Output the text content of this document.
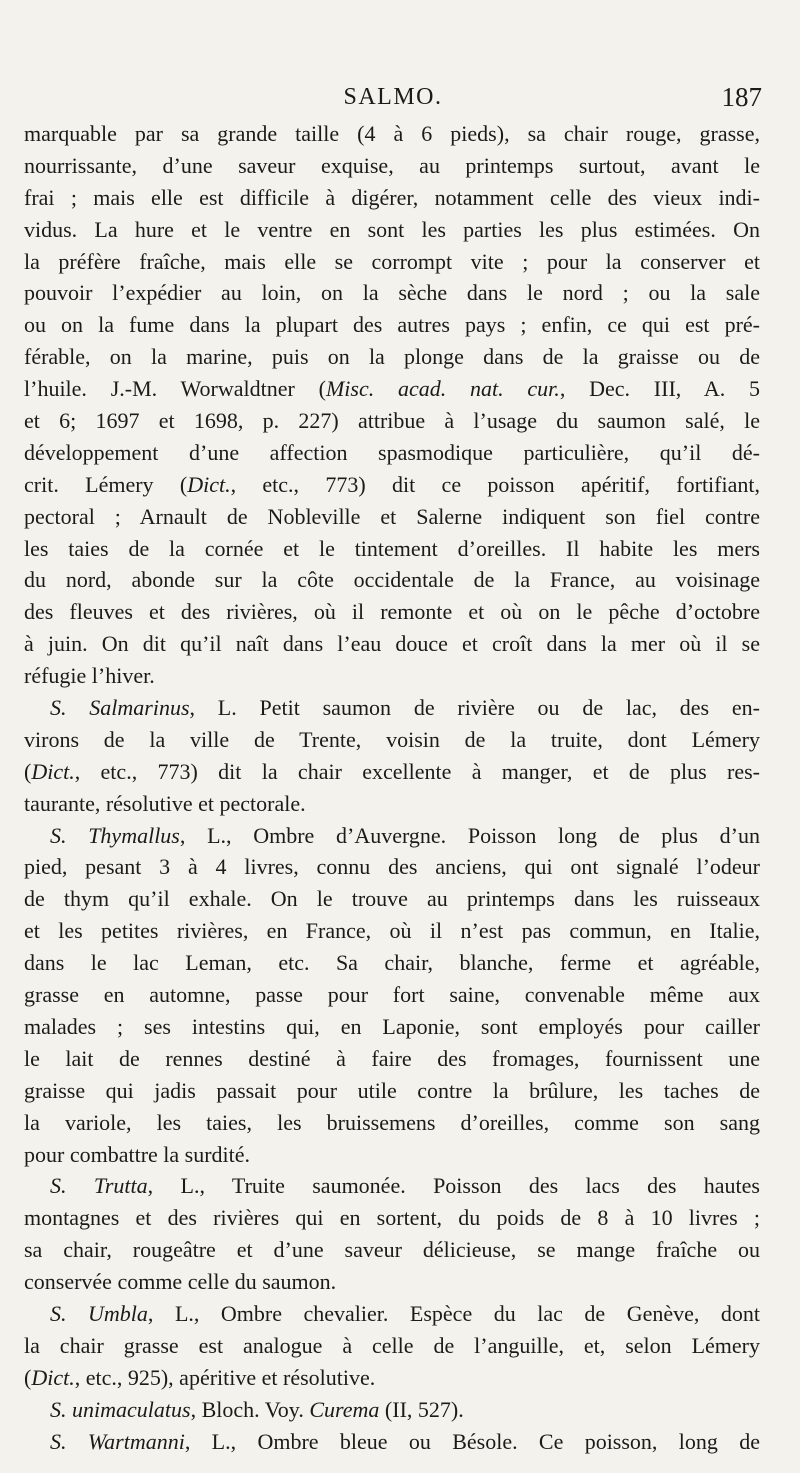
SALMO.	187
marquable par sa grande taille (4 à 6 pieds), sa chair rouge, grasse,
nourrissante, d’une saveur exquise, au printemps surtout, avant le
frai ; mais elle est difficile à digérer, notamment celle des vieux indi-
vidus. La hure et le ventre en sont les parties les plus estimées. On
la préfère fraîche, mais elle se corrompt vite ; pour la conserver et
pouvoir l’expédier au loin, on la sèche dans le nord ; ou la sale
ou on la fume dans la plupart des autres pays ; enfin, ce qui est pré-
férable, on la marine, puis on la plonge dans de la graisse ou de
l’huile. J.-M. Worwaldtner (Misc. acad. nat. cur., Dec. III, A. 5
et 6; 1697 et 1698, p. 227) attribue à l’usage du saumon salé, le
développement d’une affection spasmodique particulière, qu’il dé-
crit. Lémery (Dict., etc., 773) dit ce poisson apéritif, fortifiant,
pectoral ; Arnault de Nobleville et Salerne indiquent son fiel contre
les taies de la cornée et le tintement d’oreilles. Il habite les mers
du nord, abonde sur la côte occidentale de la France, au voisinage
des fleuves et des rivières, où il remonte et où on le pêche d’octobre
à juin. On dit qu’il naît dans l’eau douce et croît dans la mer où il se
réfugie l’hiver.
S. Salmarinus, L. Petit saumon de rivière ou de lac, des en-
virons de la ville de Trente, voisin de la truite, dont Lémery
(Dict., etc., 773) dit la chair excellente à manger, et de plus res-
taurante, résolutive et pectorale.
S. Thymallus, L., Ombre d’Auvergne. Poisson long de plus d’un
pied, pesant 3 à 4 livres, connu des anciens, qui ont signalé l’odeur
de thym qu’il exhale. On le trouve au printemps dans les ruisseaux
et les petites rivières, en France, où il n’est pas commun, en Italie,
dans le lac Leman, etc. Sa chair, blanche, ferme et agréable,
grasse en automne, passe pour fort saine, convenable même aux
malades ; ses intestins qui, en Laponie, sont employés pour cailler
le lait de rennes destiné à faire des fromages, fournissent une
graisse qui jadis passait pour utile contre la brûlure, les taches de
la variole, les taies, les bruissemens d’oreilles, comme son sang
pour combattre la surdité.
S. Trutta, L., Truite saumonée. Poisson des lacs des hautes
montagnes et des rivières qui en sortent, du poids de 8 à 10 livres ;
sa chair, rougeâtre et d’une saveur délicieuse, se mange fraîche ou
conservée comme celle du saumon.
S. Umbla, L., Ombre chevalier. Espèce du lac de Genève, dont
la chair grasse est analogue à celle de l’anguille, et, selon Lémery
(Dict., etc., 925), apéritive et résolutive.
S. unimaculatus, Bloch. Voy. Curema (II, 527).
S. Wartmanni, L., Ombre bleue ou Bésole. Ce poisson, long de
